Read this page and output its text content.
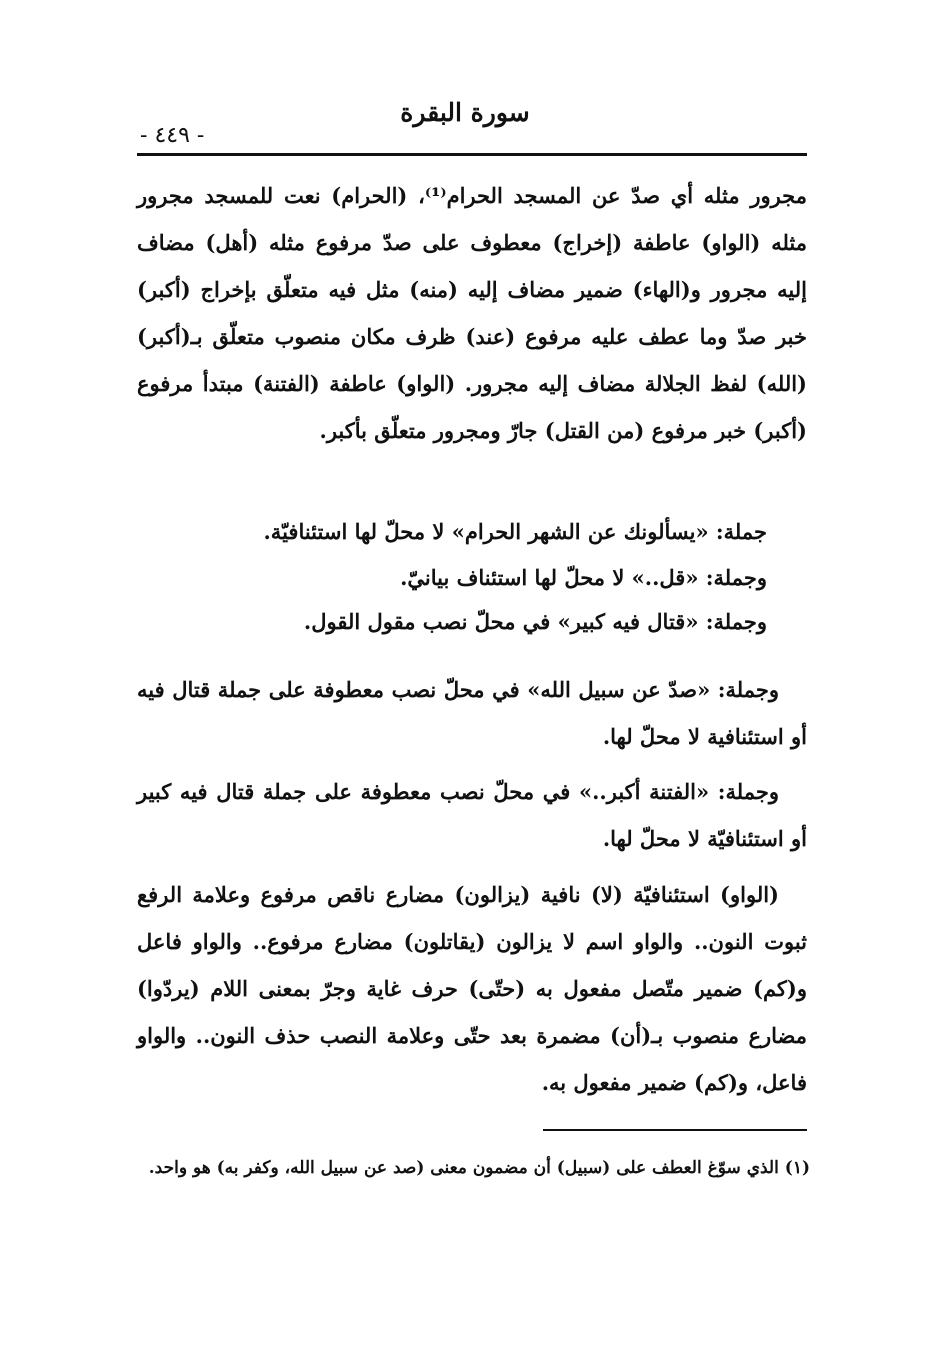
سورة البقرة
- ٤٤٩ -

مجرور مثله أي صدّ عن المسجد الحرام⁽¹⁾، (الحرام) نعت للمسجد مجرور مثله (الواو) عاطفة (إخراج) معطوف على صدّ مرفوع مثله (أهل) مضاف إليه مجرور و(الهاء) ضمير مضاف إليه (منه) مثل فيه متعلّق بإخراج (أكبر) خبر صدّ وما عطف عليه مرفوع (عند) ظرف مكان منصوب متعلّق بـ(أكبر) (الله) لفظ الجلالة مضاف إليه مجرور. (الواو) عاطفة (الفتنة) مبتدأ مرفوع (أكبر) خبر مرفوع (من القتل) جارّ ومجرور متعلّق بأكبر.

جملة: «يسألونك عن الشهر الحرام» لا محلّ لها استئنافيّة.
وجملة: «قل..» لا محلّ لها استئناف بيانيّ.
وجملة: «قتال فيه كبير» في محلّ نصب مقول القول.

وجملة: «صدّ عن سبيل الله» في محلّ نصب معطوفة على جملة قتال فيه أو استئنافية لا محلّ لها.

وجملة: «الفتنة أكبر..» في محلّ نصب معطوفة على جملة قتال فيه كبير أو استئنافيّة لا محلّ لها.

(الواو) استئنافيّة (لا) نافية (يزالون) مضارع ناقص مرفوع وعلامة الرفع ثبوت النون.. والواو اسم لا يزالون (يقاتلون) مضارع مرفوع.. والواو فاعل و(كم) ضمير متّصل مفعول به (حتّى) حرف غاية وجرّ بمعنى اللام (يردّوا) مضارع منصوب بـ(أن) مضمرة بعد حتّى وعلامة النصب حذف النون.. والواو فاعل، و(كم) ضمير مفعول به.

(١) الذي سوّغ العطف على (سبيل) أن مضمون معنى (صد عن سبيل الله، وكفر به) هو واحد.
